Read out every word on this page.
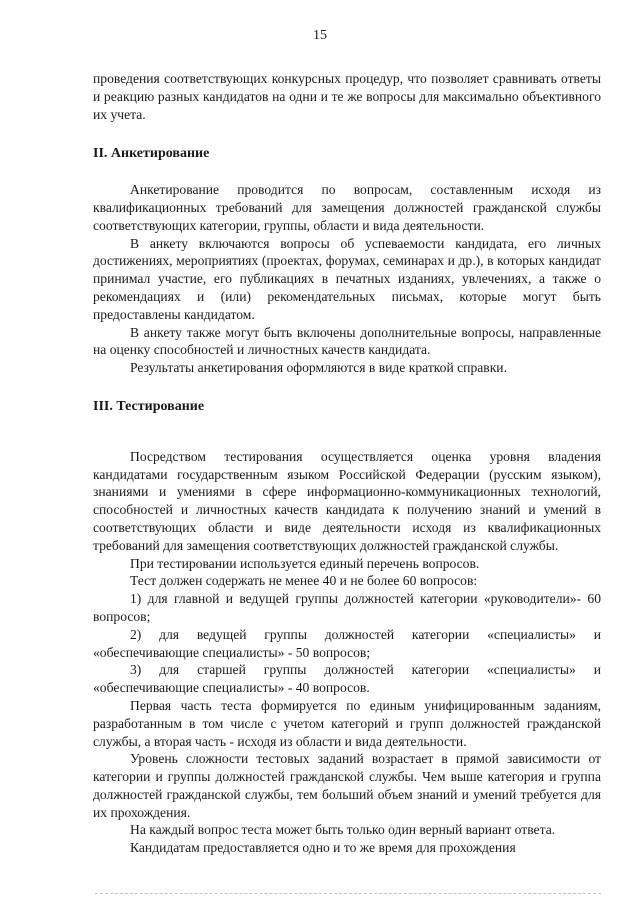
15

проведения соответствующих конкурсных процедур, что позволяет сравнивать ответы и реакцию разных кандидатов на одни и те же вопросы для максимально объективного их учета.

II. Анкетирование

Анкетирование проводится по вопросам, составленным исходя из квалификационных требований для замещения должностей гражданской службы соответствующих категории, группы, области и вида деятельности.

В анкету включаются вопросы об успеваемости кандидата, его личных достижениях, мероприятиях (проектах, форумах, семинарах и др.), в которых кандидат принимал участие, его публикациях в печатных изданиях, увлечениях, а также о рекомендациях и (или) рекомендательных письмах, которые могут быть предоставлены кандидатом.

В анкету также могут быть включены дополнительные вопросы, направленные на оценку способностей и личностных качеств кандидата.

Результаты анкетирования оформляются в виде краткой справки.

III. Тестирование

Посредством тестирования осуществляется оценка уровня владения кандидатами государственным языком Российской Федерации (русским языком), знаниями и умениями в сфере информационно-коммуникационных технологий, способностей и личностных качеств кандидата к получению знаний и умений в соответствующих области и виде деятельности исходя из квалификационных требований для замещения соответствующих должностей гражданской службы.

При тестировании используется единый перечень вопросов.

Тест должен содержать не менее 40 и не более 60 вопросов:

1) для главной и ведущей группы должностей категории «руководители»- 60 вопросов;

2) для ведущей группы должностей категории «специалисты» и «обеспечивающие специалисты» - 50 вопросов;

3) для старшей группы должностей категории «специалисты» и «обеспечивающие специалисты» - 40 вопросов.

Первая часть теста формируется по единым унифицированным заданиям, разработанным в том числе с учетом категорий и групп должностей гражданской службы, а вторая часть - исходя из области и вида деятельности.

Уровень сложности тестовых заданий возрастает в прямой зависимости от категории и группы должностей гражданской службы. Чем выше категория и группа должностей гражданской службы, тем больший объем знаний и умений требуется для их прохождения.

На каждый вопрос теста может быть только один верный вариант ответа.

Кандидатам предоставляется одно и то же время для прохождения
